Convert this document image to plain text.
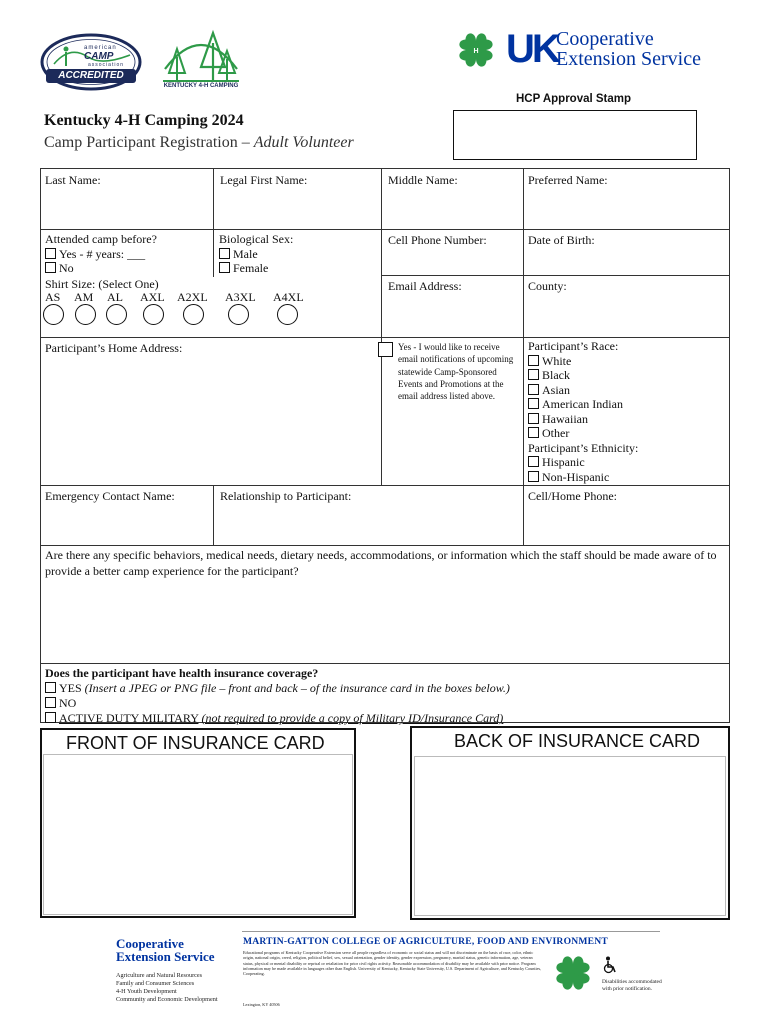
american
CAMP
association
ACCREDITED
KENTUCKY 4-H CAMPING
H UK
Cooperative
Extension Service
HCP Approval Stamp
Kentucky 4-H Camping 2024
Camp Participant Registration – Adult Volunteer
Last Name:	Legal First Name:	Middle Name:	Preferred Name:
Attended camp before?
Yes - # years: ___
No
Biological Sex:
Male
Female
Shirt Size: (Select One)
Cell Phone Number:	Date of Birth:
Email Address:	County:
Participant’s Home Address:	Yes - I would like to receive email notifications of upcoming statewide Camp-Sponsored Events and Promotions at the email address listed above.
Participant’s Race:
White
Black
Asian
American Indian
Hawaiian
Other
Participant’s Ethnicity:
Hispanic
Non-Hispanic
Emergency Contact Name:	Relationship to Participant:	Cell/Home Phone:
Are there any specific behaviors, medical needs, dietary needs, accommodations, or information which the staff should be made aware of to provide a better camp experience for the participant?
Does the participant have health insurance coverage?
YES (Insert a JPEG or PNG file – front and back – of the insurance card in the boxes below.)
NO
ACTIVE DUTY MILITARY (not required to provide a copy of Military ID/Insurance Card)
AS AM AL AXL A2XL A3XL A4XL
FRONT OF INSURANCE CARD	BACK OF INSURANCE CARD
Cooperative
Extension Service
Agriculture and Natural Resources
Family and Consumer Sciences
4-H Youth Development
Community and Economic Development
MARTIN-GATTON COLLEGE OF AGRICULTURE, FOOD AND ENVIRONMENT
Educational programs of Kentucky Cooperative Extension serve all people regardless of economic or social status and will not discriminate on the basis of race, color, ethnic origin, national origin, creed, religion, political belief, sex, sexual orientation, gender identity, gender expression, pregnancy, marital status, genetic information, age, veteran status, physical or mental disability or reprisal or retaliation for prior civil rights activity. Reasonable accommodation of disability may be available with prior notice. Program information may be made available in languages other than English. University of Kentucky, Kentucky State University, U.S. Department of Agriculture, and Kentucky Counties, Cooperating.
Lexington, KY 40506
Disabilities accommodated with prior notification.
